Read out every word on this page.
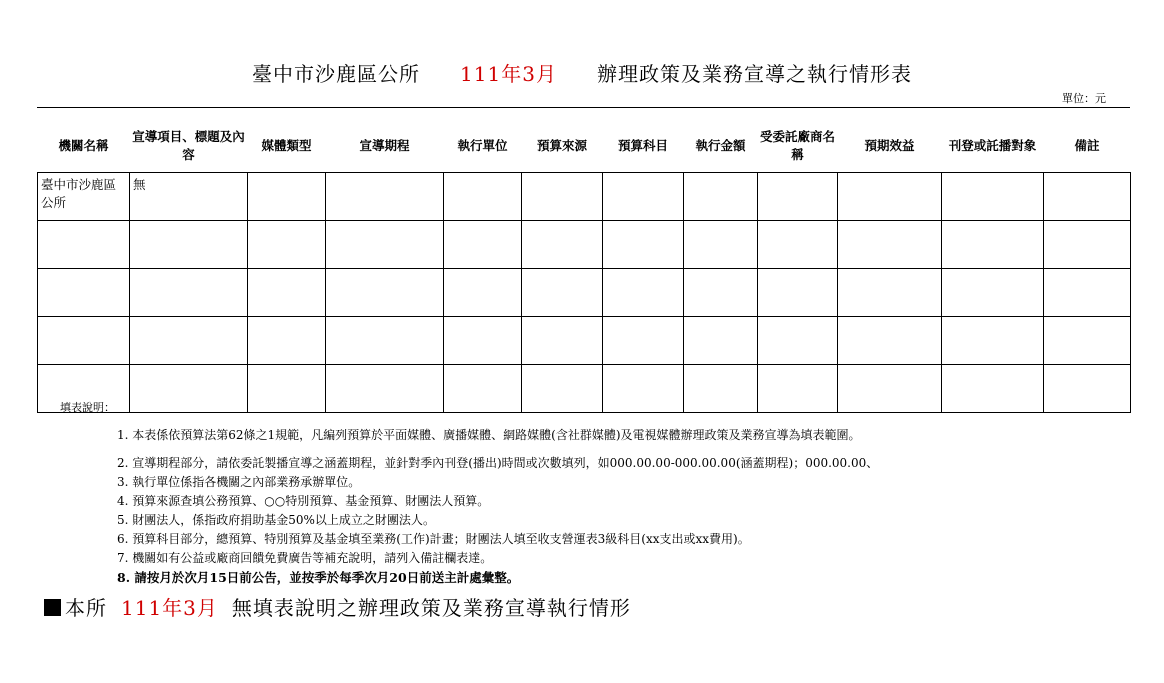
臺中市沙鹿區公所 111年3月 辦理政策及業務宣導之執行情形表
單位：元
機關名稱	宣導項目、標題及內容	媒體類型	宣導期程	執行單位	預算來源	預算科目	執行金額	受委託廠商名稱	預期效益	刊登或託播對象	備註

臺中市沙鹿區公所	無										

填表說明：
1. 本表係依預算法第62條之1規範，凡編列預算於平面媒體、廣播媒體、網路媒體(含社群媒體)及電視媒體辦理政策及業務宣導為填表範圍。
2. 宣導期程部分，請依委託製播宣導之涵蓋期程，並針對季內刊登(播出)時間或次數填列，如000.00.00-000.00.00(涵蓋期程)；000.00.00、
3. 執行單位係指各機關之內部業務承辦單位。
4. 預算來源查填公務預算、○○特別預算、基金預算、財團法人預算。
5. 財團法人，係指政府捐助基金50%以上成立之財團法人。
6. 預算科目部分，總預算、特別預算及基金填至業務(工作)計畫；財團法人填至收支營運表3級科目(xx支出或xx費用)。
7. 機關如有公益或廠商回饋免費廣告等補充說明，請列入備註欄表達。
8. 請按月於次月15日前公告，並按季於每季次月20日前送主計處彙整。
本所 111年3月 無填表說明之辦理政策及業務宣導執行情形
